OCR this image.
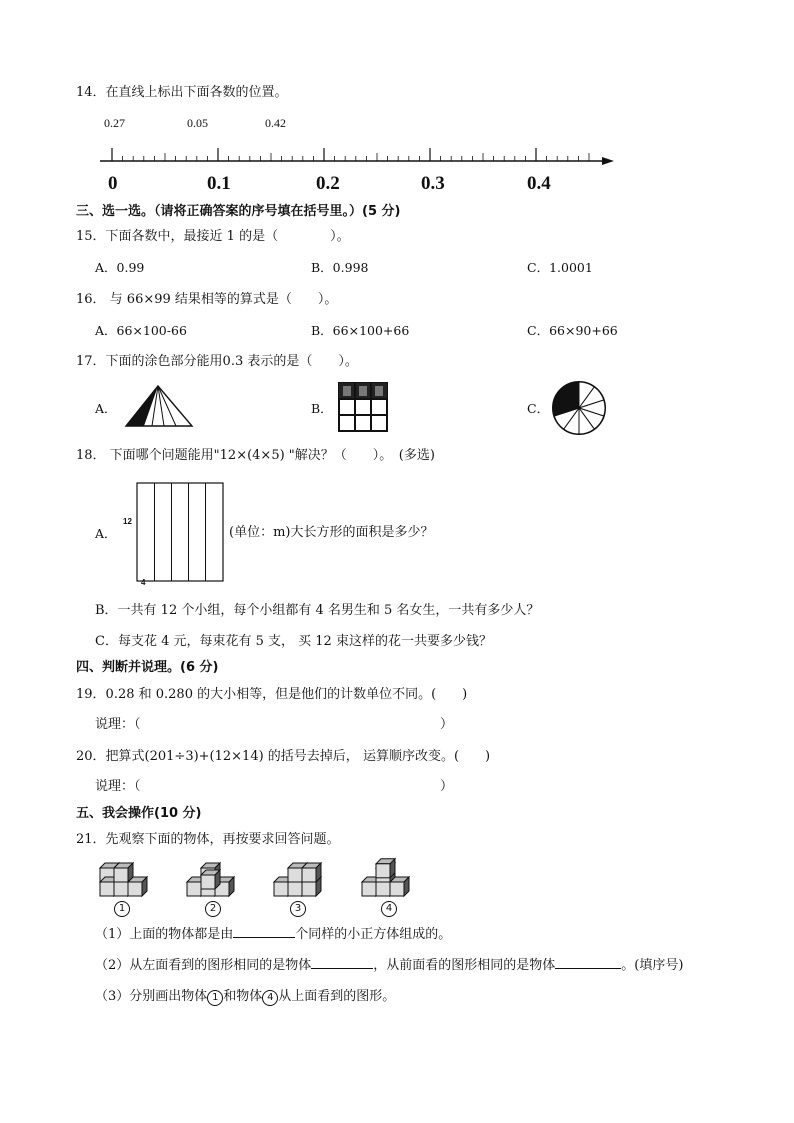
14．在直线上标出下面各数的位置。
0.27	0.05	0.42
0	0.1	0.2	0.3	0.4
三、选一选。（请将正确答案的序号填在括号里。）(5 分)
15．下面各数中，最接近 1 的是（　　　　）。
A．0.99	B．0.998	C．1.0001
16． 与 66×99 结果相等的算式是（　　）。
A．66×100-66	B．66×100+66	C．66×90+66
17．下面的涂色部分能用0.3 表示的是（　　）。
A．	B．	C．
18． 下面哪个问题能用"12×(4×5) "解决？（　　）。　(多选)
A．
12
4
(单位：m)大长方形的面积是多少？
B．一共有 12 个小组，每个小组都有 4 名男生和 5 名女生，一共有多少人？
C．每支花 4 元，每束花有 5 支， 买 12 束这样的花一共要多少钱？
四、判断并说理。(6 分)
19．0.28 和 0.280 的大小相等，但是他们的计数单位不同。(　　)
说理：（	）
20．把算式(201÷3)+(12×14) 的括号去掉后， 运算顺序改变。(　　)
说理：（	）
五、我会操作(10 分)
21．先观察下面的物体，再按要求回答问题。
1	2	3	4
（1）上面的物体都是由	个同样的小正方体组成的。
（2）从左面看到的图形相同的是物体	，从前面看的图形相同的是物体	。(填序号)
（3）分别画出物体 1 和物体 4 从上面看到的图形。
